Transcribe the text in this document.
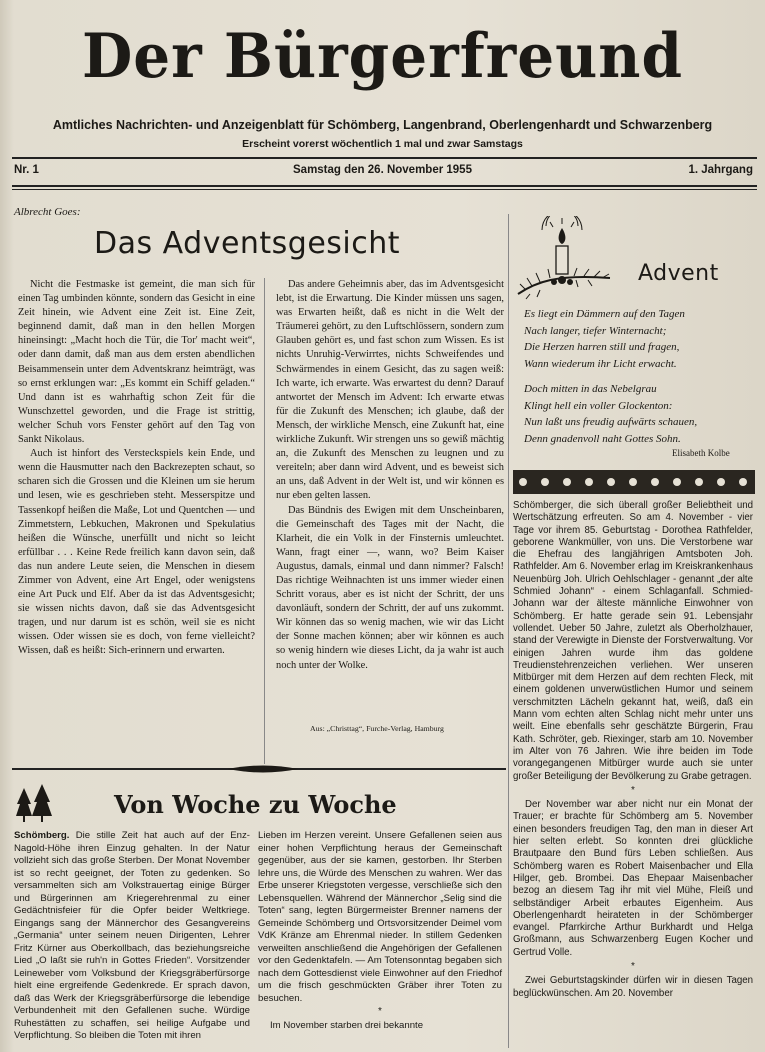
Der Bürgerfreund
Amtliches Nachrichten- und Anzeigenblatt für Schömberg, Langenbrand, Oberlengenhardt und Schwarzenberg
Erscheint vorerst wöchentlich 1 mal und zwar Samstags
Nr. 1	Samstag den 26. November 1955	1. Jahrgang
Albrecht Goes:
Das Adventsgesicht

Nicht die Festmaske ist gemeint, die man sich für einen Tag umbinden könnte, sondern das Gesicht in eine Zeit hinein, wie Advent eine Zeit ist. Eine Zeit, beginnend damit, daß man in den hellen Morgen hineinsingt: „Macht hoch die Tür, die Tor' macht weit“, oder dann damit, daß man aus dem ersten abendlichen Beisammensein unter dem Adventskranz heimträgt, was so ernst erklungen war: „Es kommt ein Schiff geladen.“ Und dann ist es wahrhaftig schon Zeit für die Wunschzettel geworden, und die Frage ist strittig, welcher Schuh vors Fenster gehört auf den Tag von Sankt Nikolaus.

Auch ist hinfort des Versteckspiels kein Ende, und wenn die Hausmutter nach den Backrezepten schaut, so scharen sich die Grossen und die Kleinen um sie herum und lesen, wie es geschrieben steht. Messerspitze und Tassenkopf heißen die Maße, Lot und Quentchen — und Zimmetstern, Lebkuchen, Makronen und Spekulatius heißen die Wünsche, unerfüllt und nicht so leicht erfüllbar . . . Keine Rede freilich kann davon sein, daß das nun andere Leute seien, die Menschen in diesem Zimmer von Advent, eine Art Engel, oder wenigstens eine Art Puck und Elf. Aber da ist das Adventsgesicht; sie wissen nichts davon, daß sie das Adventsgesicht tragen, und nur darum ist es schön, weil sie es nicht wissen. Oder wissen sie es doch, von ferne vielleicht? Wissen, daß es heißt: Sich-erinnern und erwarten.

Das andere Geheimnis aber, das im Adventsgesicht lebt, ist die Erwartung. Die Kinder müssen uns sagen, was Erwarten heißt, daß es nicht in die Welt der Träumerei gehört, zu den Luftschlössern, sondern zum Glauben gehört es, und fast schon zum Wissen. Es ist nichts Unruhig-Verwirrtes, nichts Schweifendes und Schwärmendes in einem Gesicht, das zu sagen weiß: Ich warte, ich erwarte. Was erwartest du denn? Darauf antwortet der Mensch im Advent: Ich erwarte etwas für die Zukunft des Menschen; ich glaube, daß der Mensch, der wirkliche Mensch, eine Zukunft hat, eine wirkliche Zukunft. Wir strengen uns so gewiß mächtig an, die Zukunft des Menschen zu leugnen und zu vereiteln; aber dann wird Advent, und es beweist sich an uns, daß Advent in der Welt ist, und wir können es nur eben gelten lassen.

Das Bündnis des Ewigen mit dem Unscheinbaren, die Gemeinschaft des Tages mit der Nacht, die Klarheit, die ein Volk in der Finsternis umleuchtet. Wann, fragt einer —, wann, wo? Beim Kaiser Augustus, damals, einmal und dann nimmer? Falsch! Das richtige Weihnachten ist uns immer wieder einen Schritt voraus, aber es ist nicht der Schritt, der uns davonläuft, sondern der Schritt, der auf uns zukommt. Wir können das so wenig machen, wie wir das Licht der Sonne machen können; aber wir können es auch so wenig hindern wie dieses Licht, da ja wahr ist auch noch unter der Wolke.

Aus: „Christtag“, Furche-Verlag, Hamburg
Advent
Es liegt ein Dämmern auf den Tagen
Nach langer, tiefer Winternacht;
Die Herzen harren still und fragen,
Wann wiederum ihr Licht erwacht.
Doch mitten in das Nebelgrau
Klingt hell ein voller Glockenton:
Nun laßt uns freudig aufwärts schauen,
Denn gnadenvoll naht Gottes Sohn.
Elisabeth Kolbe

Schömberger, die sich überall großer Beliebtheit und Wertschätzung erfreuten. So am 4. November - vier Tage vor ihrem 85. Geburtstag - Dorothea Rathfelder, geborene Wankmüller, von uns. Die Verstorbene war die Ehefrau des langjährigen Amtsboten Joh. Rathfelder. Am 6. November erlag im Kreiskrankenhaus Neuenbürg Joh. Ulrich Oehlschlager - genannt „der alte Schmied Johann“ - einem Schlaganfall. Schmied-Johann war der älteste männliche Einwohner von Schömberg. Er hatte gerade sein 91. Lebensjahr vollendet. Ueber 50 Jahre, zuletzt als Oberholzhauer, stand der Verewigte in Dienste der Forstverwaltung. Vor einigen Jahren wurde ihm das goldene Treudienstehrenzeichen verliehen. Wer unseren Mitbürger mit dem Herzen auf dem rechten Fleck, mit einem goldenen unverwüstlichen Humor und seinem verschmitzten Lächeln gekannt hat, weiß, daß ein Mann vom echten alten Schlag nicht mehr unter uns weilt. Eine ebenfalls sehr geschätzte Bürgerin, Frau Kath. Schröter, geb. Riexinger, starb am 10. November im Alter von 76 Jahren. Wie ihre beiden im Tode vorangegangenen Mitbürger wurde auch sie unter großer Beteiligung der Bevölkerung zu Grabe getragen.

*

Der November war aber nicht nur ein Monat der Trauer; er brachte für Schömberg am 5. November einen besonders freudigen Tag, den man in dieser Art hier selten erlebt. So konnten drei glückliche Brautpaare den Bund fürs Leben schließen. Aus Schömberg waren es Robert Maisenbacher und Ella Hilger, geb. Brombei. Das Ehepaar Maisenbacher bezog an diesem Tag ihr mit viel Mühe, Fleiß und selbständiger Arbeit erbautes Eigenheim. Aus Oberlengenhardt heirateten in der Schömberger evangel. Pfarrkirche Arthur Burkhardt und Helga Großmann, aus Schwarzenberg Eugen Kocher und Gertrud Volle.

*

Zwei Geburtstagskinder dürfen wir in diesen Tagen beglückwünschen. Am 20. November

Von Woche zu Woche

Schömberg. Die stille Zeit hat auch auf der Enz-Nagold-Höhe ihren Einzug gehalten. In der Natur vollzieht sich das große Sterben. Der Monat November ist so recht geeignet, der Toten zu gedenken. So versammelten sich am Volkstrauertag einige Bürger und Bürgerinnen am Kriegerehrenmal zu einer Gedächtnisfeier für die Opfer beider Weltkriege. Eingangs sang der Männerchor des Gesangvereins „Germania“ unter seinem neuen Dirigenten, Lehrer Fritz Kürner aus Oberkollbach, das beziehungsreiche Lied „O laßt sie ruh'n in Gottes Frieden“. Vorsitzender Leineweber vom Volksbund der Kriegsgräberfürsorge hielt eine ergreifende Gedenkrede. Er sprach davon, daß das Werk der Kriegsgräberfürsorge die lebendige Verbundenheit mit den Gefallenen suche. Würdige Ruhestätten zu schaffen, sei heilige Aufgabe und Verpflichtung. So bleiben die Toten mit ihren

Lieben im Herzen vereint. Unsere Gefallenen seien aus einer hohen Verpflichtung heraus der Gemeinschaft gegenüber, aus der sie kamen, gestorben. Ihr Sterben lehre uns, die Würde des Menschen zu wahren. Wer das Erbe unserer Kriegstoten vergesse, verschließe sich den Lebensquellen. Während der Männerchor „Selig sind die Toten“ sang, legten Bürgermeister Brenner namens der Gemeinde Schömberg und Ortsvorsitzender Deimel vom VdK Kränze am Ehrenmal nieder. In stillem Gedenken verweilten anschließend die Angehörigen der Gefallenen vor den Gedenktafeln. — Am Totensonntag begaben sich nach dem Gottesdienst viele Einwohner auf den Friedhof um die frisch geschmückten Gräber ihrer Toten zu besuchen.

*

Im November starben drei bekannte
